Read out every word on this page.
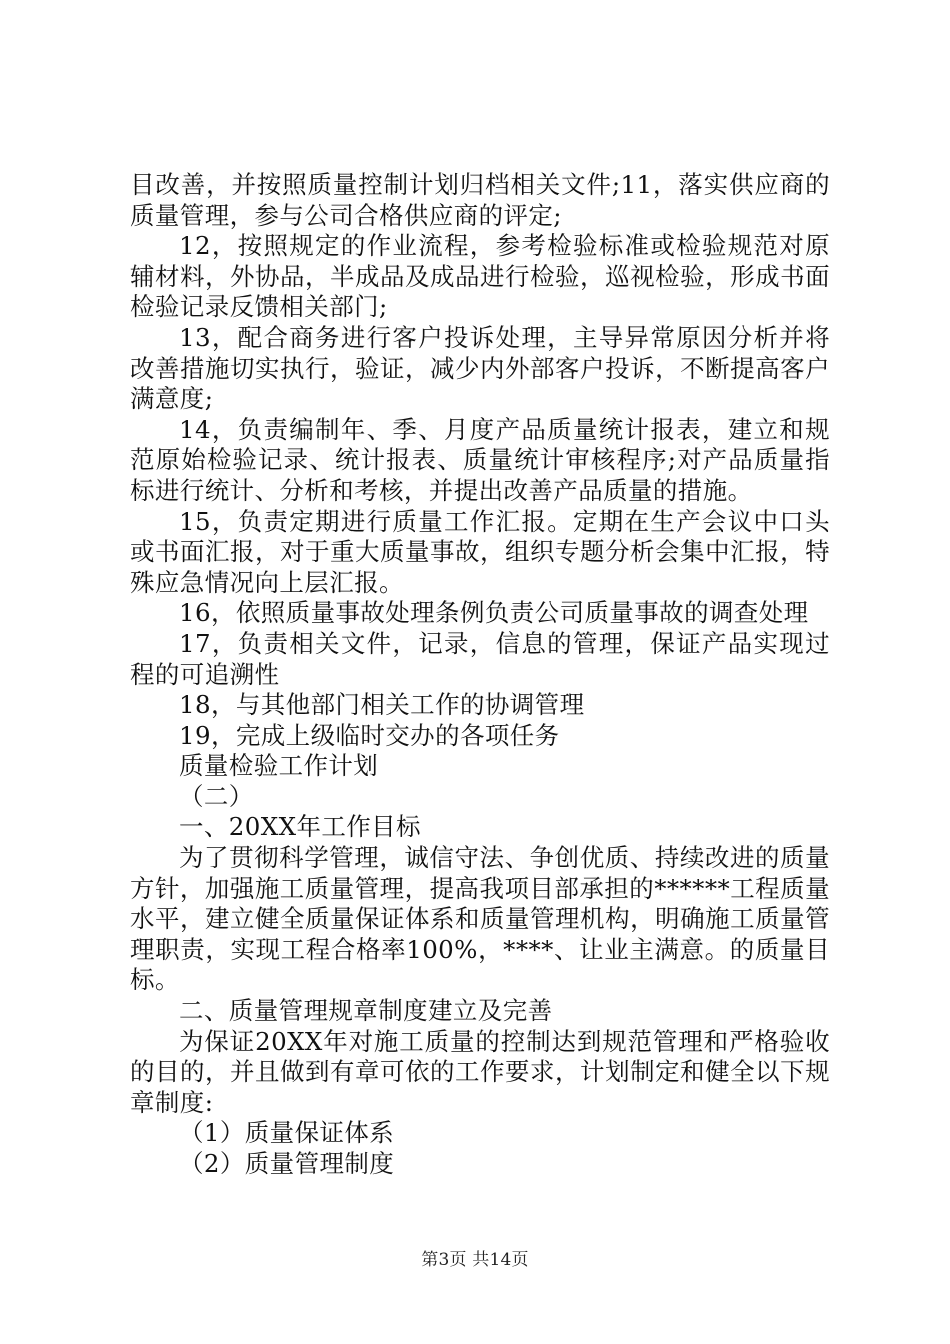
目改善，并按照质量控制计划归档相关文件;11，落实供应商的质量管理，参与公司合格供应商的评定;

12，按照规定的作业流程，参考检验标准或检验规范对原辅材料，外协品，半成品及成品进行检验，巡视检验，形成书面检验记录反馈相关部门;

13，配合商务进行客户投诉处理，主导异常原因分析并将改善措施切实执行，验证，减少内外部客户投诉，不断提高客户满意度;

14，负责编制年、季、月度产品质量统计报表，建立和规范原始检验记录、统计报表、质量统计审核程序;对产品质量指标进行统计、分析和考核，并提出改善产品质量的措施。

15，负责定期进行质量工作汇报。定期在生产会议中口头或书面汇报，对于重大质量事故，组织专题分析会集中汇报，特殊应急情况向上层汇报。

16，依照质量事故处理条例负责公司质量事故的调查处理

17，负责相关文件，记录，信息的管理，保证产品实现过程的可追溯性

18，与其他部门相关工作的协调管理

19，完成上级临时交办的各项任务

质量检验工作计划

（二）

一、20XX年工作目标

为了贯彻科学管理，诚信守法、争创优质、持续改进的质量方针，加强施工质量管理，提高我项目部承担的******工程质量水平，建立健全质量保证体系和质量管理机构，明确施工质量管理职责，实现工程合格率100%，****、让业主满意。的质量目标。

二、质量管理规章制度建立及完善

为保证20XX年对施工质量的控制达到规范管理和严格验收的目的，并且做到有章可依的工作要求，计划制定和健全以下规章制度:

（1）质量保证体系

（2）质量管理制度

第3页 共14页
